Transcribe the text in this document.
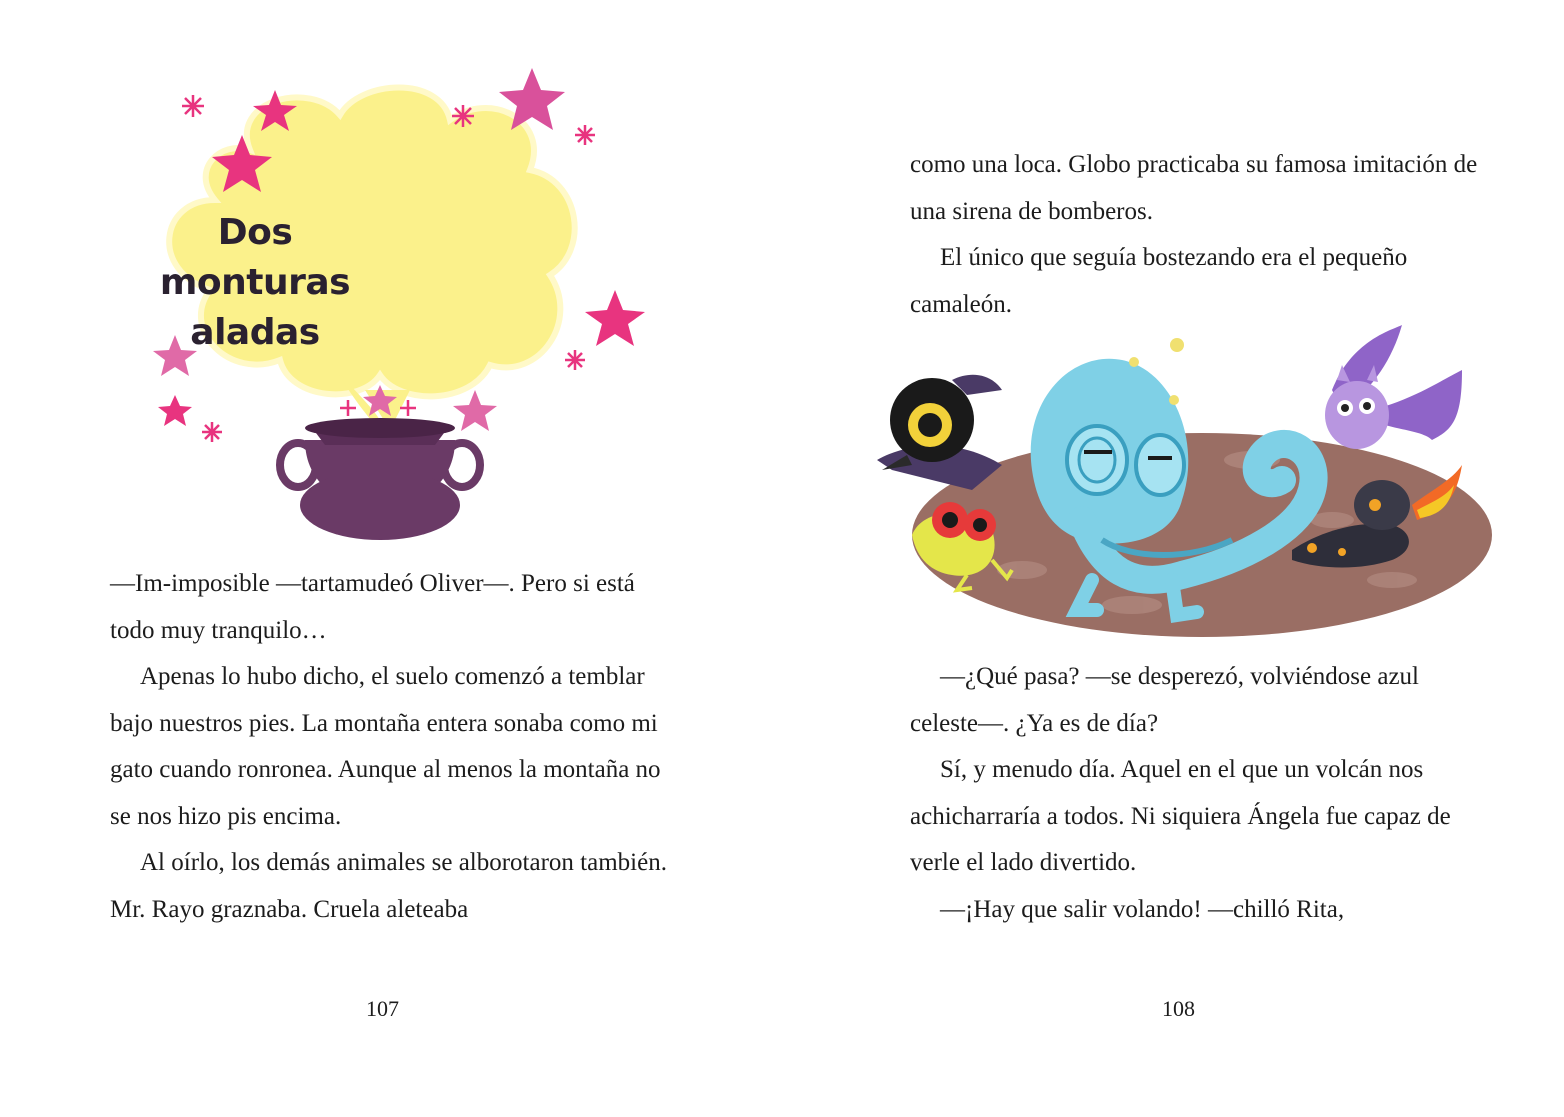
Dos monturas
aladas
11

—Im-imposible —tartamudeó Oliver—. Pero si está todo muy tranquilo…

Apenas lo hubo dicho, el suelo comenzó a temblar bajo nuestros pies. La montaña entera sonaba como mi gato cuando ronronea. Aunque al menos la montaña no se nos hizo pis encima.

Al oírlo, los demás animales se alborotaron también. Mr. Rayo graznaba. Cruela aleteaba

107

como una loca. Globo practicaba su famosa imitación de una sirena de bomberos.

El único que seguía bostezando era el pequeño camaleón.

—¿Qué pasa? —se desperezó, volviéndose azul celeste—. ¿Ya es de día?

Sí, y menudo día. Aquel en el que un volcán nos achicharraría a todos. Ni siquiera Ángela fue capaz de verle el lado divertido.

—¡Hay que salir volando! —chilló Rita,

108
